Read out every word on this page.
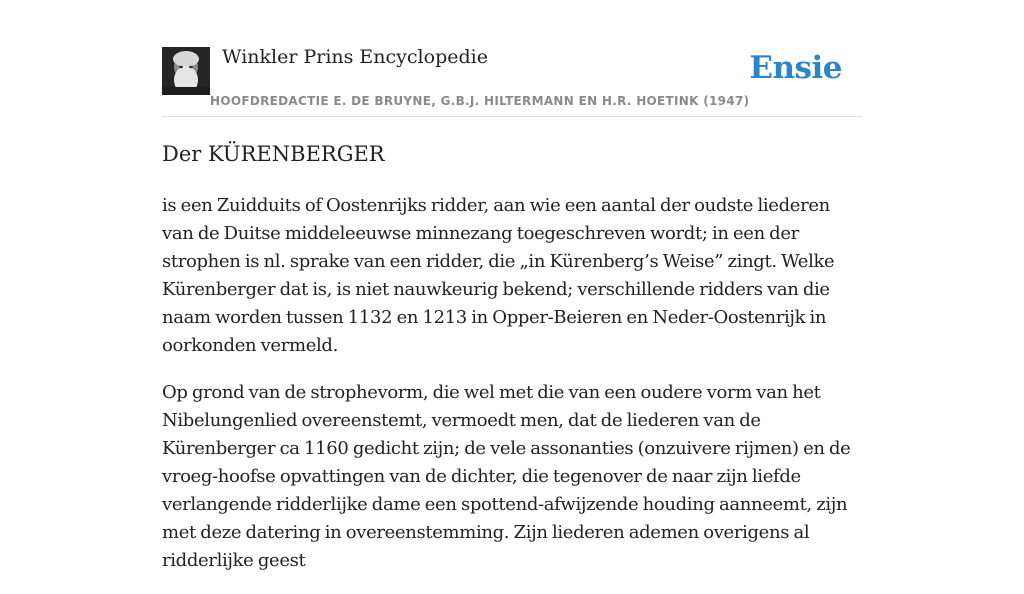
Winkler Prins Encyclopedie
HOOFDREDACTIE E. DE BRUYNE, G.B.J. HILTERMANN EN H.R. HOETINK (1947)
Ensie
Der KÜRENBERGER

is een Zuidduits of Oostenrijks ridder, aan wie een aantal der oudste liederen van de Duitse middeleeuwse minnezang toegeschreven wordt; in een der strophen is nl. sprake van een ridder, die „in Kürenberg’s Weise” zingt. Welke Kürenberger dat is, is niet nauwkeurig bekend; verschillende ridders van die naam worden tussen 1132 en 1213 in Opper-Beieren en Neder-Oostenrijk in oorkonden vermeld.

Op grond van de strophevorm, die wel met die van een oudere vorm van het Nibelungenlied overeenstemt, vermoedt men, dat de liederen van de Kürenberger ca 1160 gedicht zijn; de vele assonanties (onzuivere rijmen) en de vroeg-hoofse opvattingen van de dichter, die tegenover de naar zijn liefde verlangende ridderlijke dame een spottend-afwijzende houding aanneemt, zijn met deze datering in overeenstemming. Zijn liederen ademen overigens al ridderlijke geest
